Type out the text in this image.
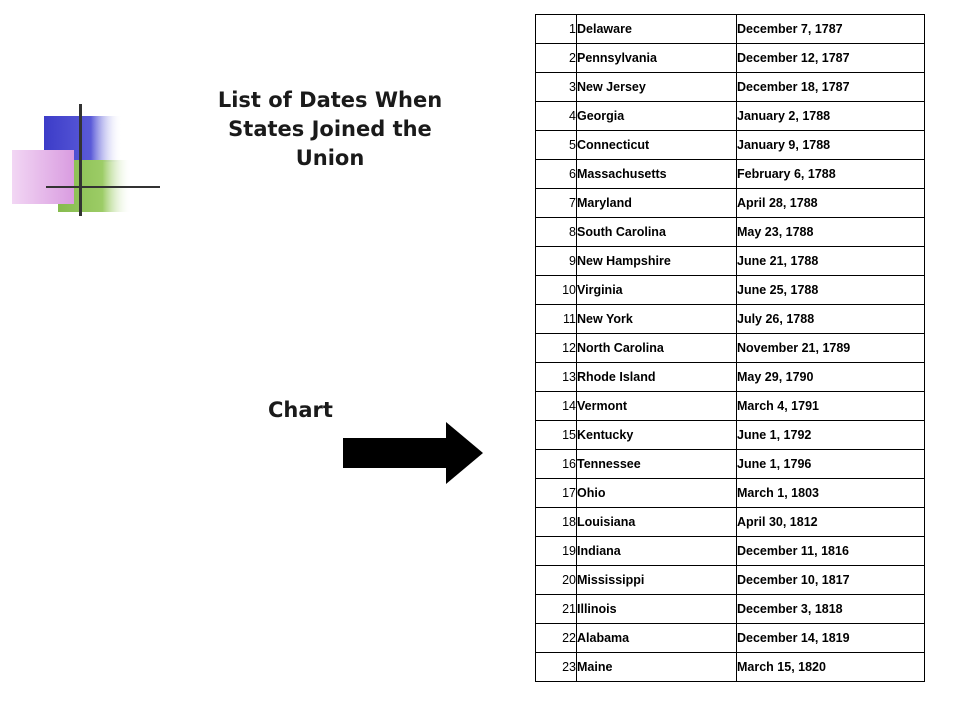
List of Dates When States Joined the Union
Chart
1	Delaware	December 7, 1787
2	Pennsylvania	December 12, 1787
3	New Jersey	December 18, 1787
4	Georgia	January 2, 1788
5	Connecticut	January 9, 1788
6	Massachusetts	February 6, 1788
7	Maryland	April 28, 1788
8	South Carolina	May 23, 1788
9	New Hampshire	June 21, 1788
10	Virginia	June 25, 1788
11	New York	July 26, 1788
12	North Carolina	November 21, 1789
13	Rhode Island	May 29, 1790
14	Vermont	March 4, 1791
15	Kentucky	June 1, 1792
16	Tennessee	June 1, 1796
17	Ohio	March 1, 1803
18	Louisiana	April 30, 1812
19	Indiana	December 11, 1816
20	Mississippi	December 10, 1817
21	Illinois	December 3, 1818
22	Alabama	December 14, 1819
23	Maine	March 15, 1820
